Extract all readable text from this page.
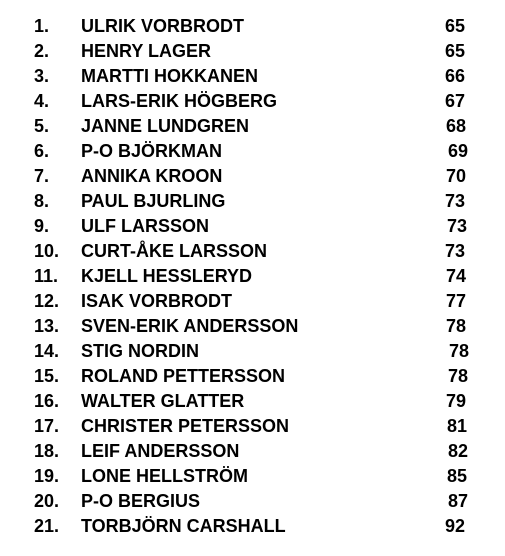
1. ULRIK VORBRODT	65
2. HENRY LAGER	65
3. MARTTI HOKKANEN	66
4. LARS-ERIK HÖGBERG	67
5. JANNE LUNDGREN	68
6. P-O BJÖRKMAN	69
7. ANNIKA KROON	70
8. PAUL BJURLING	73
9. ULF LARSSON	73
10. CURT-ÅKE LARSSON	73
11. KJELL HESSLERYD	74
12. ISAK VORBRODT	77
13. SVEN-ERIK ANDERSSON	78
14. STIG NORDIN	78
15. ROLAND PETTERSSON	78
16. WALTER GLATTER	79
17. CHRISTER PETERSSON	81
18. LEIF ANDERSSON	82
19. LONE HELLSTRÖM	85
20. P-O BERGIUS	87
21. TORBJÖRN CARSHALL	92
